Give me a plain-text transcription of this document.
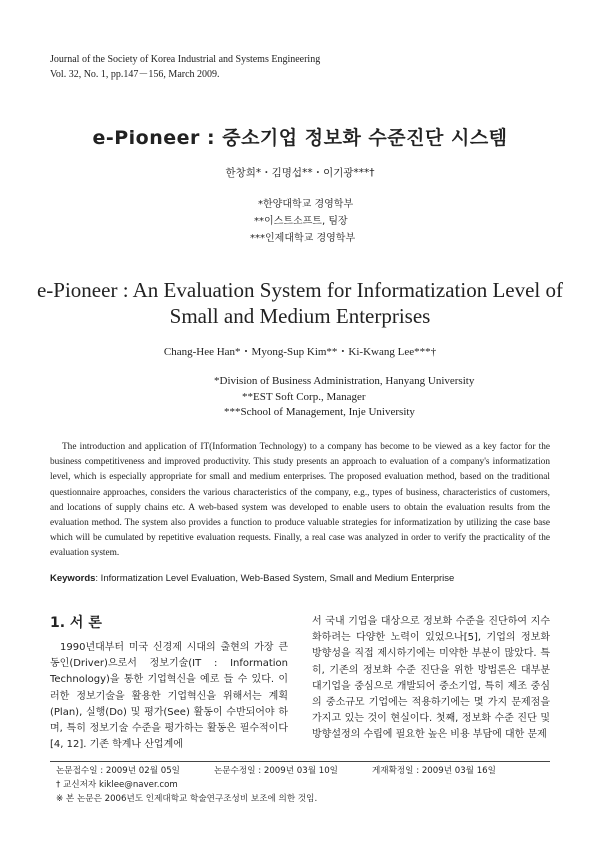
Journal of the Society of Korea Industrial and Systems Engineering
Vol. 32, No. 1, pp.147－156, March 2009.
e-Pioneer : 중소기업 정보화 수준진단 시스템
한창희*・김명섭**・이기광***†
*한양대학교 경영학부
**이스트소프트, 팀장
***인제대학교 경영학부
e-Pioneer : An Evaluation System for Informatization Level of
Small and Medium Enterprises
Chang-Hee Han*・Myong-Sup Kim**・Ki-Kwang Lee***†
*Division of Business Administration, Hanyang University
**EST Soft Corp., Manager
***School of Management, Inje University
The introduction and application of IT(Information Technology) to a company has become to be viewed as a key factor for the business competitiveness and improved productivity. This study presents an approach to evaluation of a company's informatization level, which is especially appropriate for small and medium enterprises. The proposed evaluation method, based on the traditional questionnaire approaches, considers the various characteristics of the company, e.g., types of business, characteristics of customers, and locations of supply chains etc. A web-based system was developed to enable users to obtain the evaluation results from the evaluation method. The system also provides a function to produce valuable strategies for informatization by utilizing the case base which will be cumulated by repetitive evaluation requests. Finally, a real case was analyzed in order to verify the practicality of the evaluation system.
Keywords: Informatization Level Evaluation, Web-Based System, Small and Medium Enterprise
1. 서 론
1990년대부터 미국 신경제 시대의 출현의 가장 큰 동인(Driver)으로서 정보기술(IT : Information Technology)을 통한 기업혁신을 예로 들 수 있다. 이러한 정보기술을 활용한 기업혁신을 위해서는 계획(Plan), 실행(Do) 및 평가(See) 활동이 수반되어야 하며, 특히 정보기술 수준을 평가하는 활동은 필수적이다[4, 12]. 기존 학계나 산업계에
서 국내 기업을 대상으로 정보화 수준을 진단하여 지수화하려는 다양한 노력이 있었으나[5], 기업의 정보화 방향성을 직접 제시하기에는 미약한 부분이 많았다. 특히, 기존의 정보화 수준 진단을 위한 방법론은 대부분 대기업을 중심으로 개발되어 중소기업, 특히 제조 중심의 중소규모 기업에는 적용하기에는 몇 가지 문제점을 가지고 있는 것이 현실이다. 첫째, 정보화 수준 진단 및 방향설정의 수립에 필요한 높은 비용 부담에 대한 문제
논문접수일 : 2009년 02월 05일	논문수정일 : 2009년 03월 10일	게재확정일 : 2009년 03월 16일
† 교신저자 kiklee@naver.com
※ 본 논문은 2006년도 인제대학교 학술연구조성비 보조에 의한 것임.
